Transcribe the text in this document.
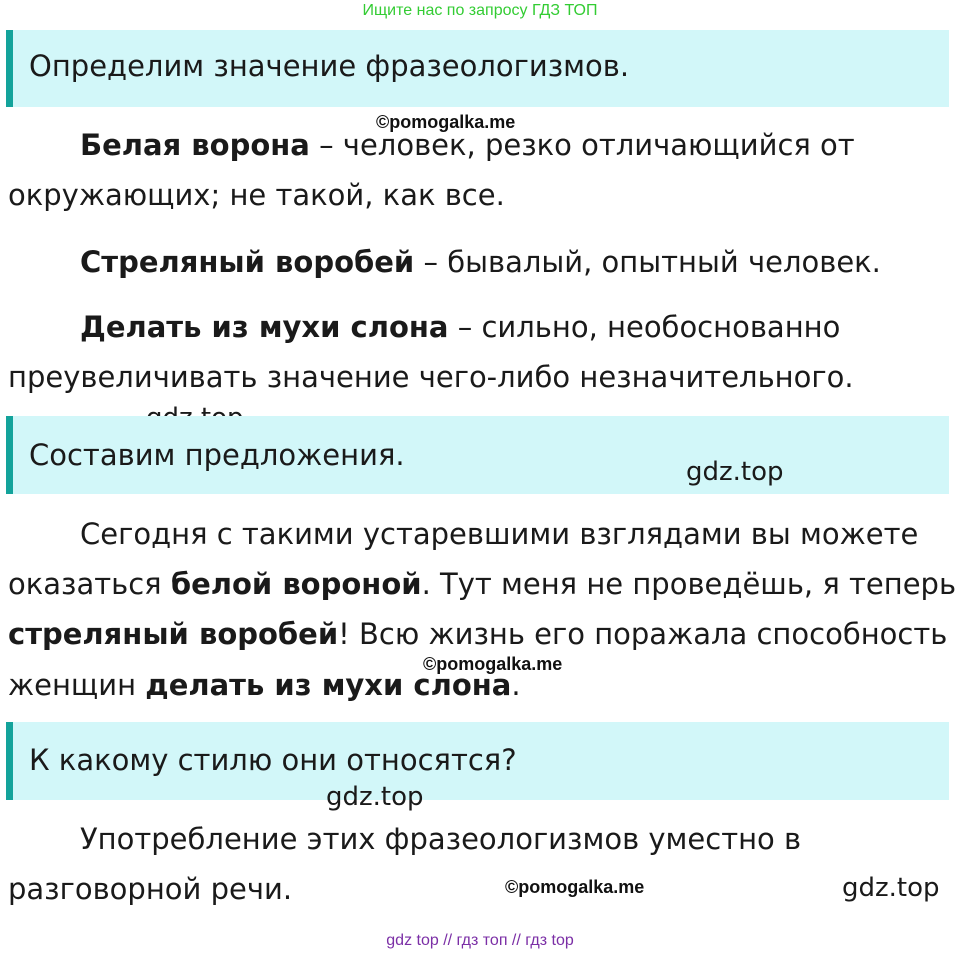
Ищите нас по запросу ГДЗ ТОП
Определим значение фразеологизмов.
©pomogalka.me
Белая ворона – человек, резко отличающийся от
окружающих; не такой, как все.
Стреляный воробей – бывалый, опытный человек.
Делать из мухи слона – сильно, необоснованно
преувеличивать значение чего-либо незначительного.
Составим предложения.	gdz.top
Сегодня с такими устаревшими взглядами вы можете
оказаться белой вороной. Тут меня не проведёшь, я теперь
стреляный воробей! Всю жизнь его поражала способность
©pomogalka.me
женщин делать из мухи слона.
К какому стилю они относятся?
gdz.top
Употребление этих фразеологизмов уместно в
разговорной речи.	©pomogalka.me	gdz.top
gdz top // гдз топ // гдз top
